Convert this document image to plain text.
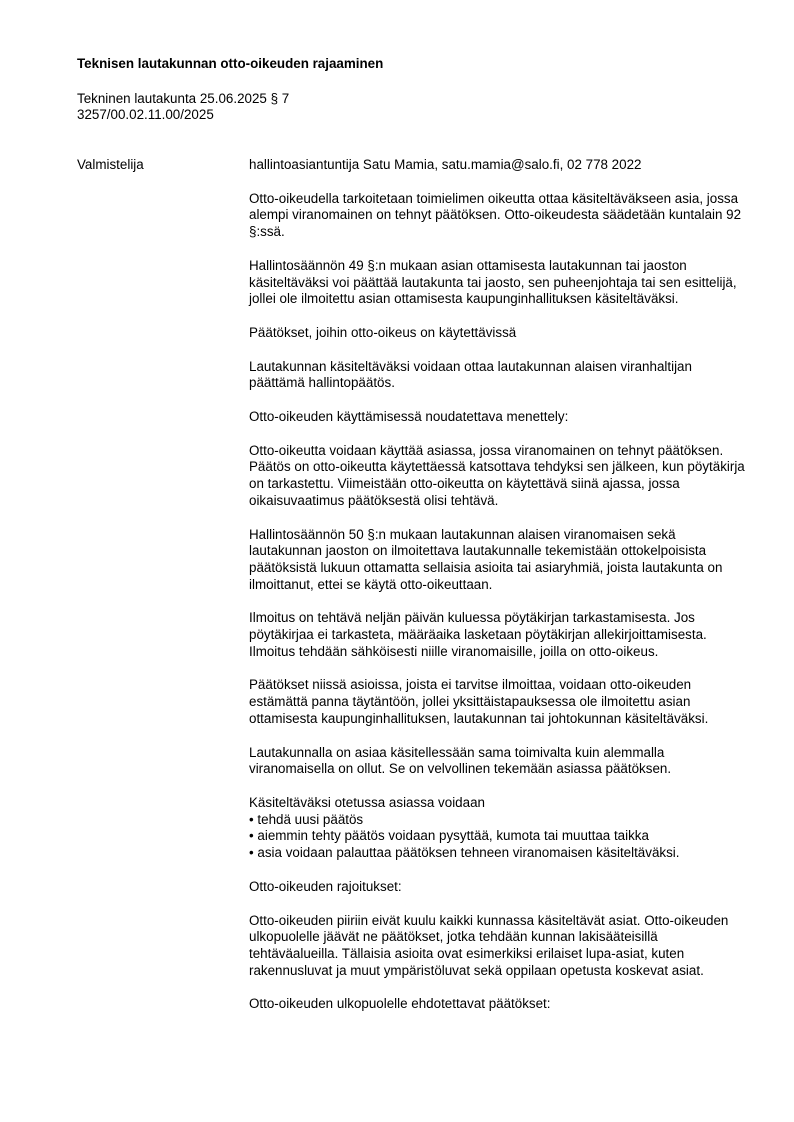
Teknisen lautakunnan otto-oikeuden rajaaminen
Tekninen lautakunta 25.06.2025 § 7
3257/00.02.11.00/2025
Valmistelija	hallintoasiantuntija Satu Mamia, satu.mamia@salo.fi, 02 778 2022

Otto-oikeudella tarkoitetaan toimielimen oikeutta ottaa käsiteltäväkseen asia, jossa alempi viranomainen on tehnyt päätöksen. Otto-oikeudesta säädetään kuntalain 92 §:ssä.

Hallintosäännön 49 §:n mukaan asian ottamisesta lautakunnan tai jaoston käsiteltäväksi voi päättää lautakunta tai jaosto, sen puheenjohtaja tai sen esittelijä, jollei ole ilmoitettu asian ottamisesta kaupunginhallituksen käsiteltäväksi.

Päätökset, joihin otto-oikeus on käytettävissä

Lautakunnan käsiteltäväksi voidaan ottaa lautakunnan alaisen viranhaltijan päättämä hallintopäätös.

Otto-oikeuden käyttämisessä noudatettava menettely:

Otto-oikeutta voidaan käyttää asiassa, jossa viranomainen on tehnyt päätöksen. Päätös on otto-oikeutta käytettäessä katsottava tehdyksi sen jälkeen, kun pöytäkirja on tarkastettu. Viimeistään otto-oikeutta on käytettävä siinä ajassa, jossa oikaisuvaatimus päätöksestä olisi tehtävä.

Hallintosäännön 50 §:n mukaan lautakunnan alaisen viranomaisen sekä lautakunnan jaoston on ilmoitettava lautakunnalle tekemistään ottokelpoisista päätöksistä lukuun ottamatta sellaisia asioita tai asiaryhmiä, joista lautakunta on ilmoittanut, ettei se käytä otto-oikeuttaan.

Ilmoitus on tehtävä neljän päivän kuluessa pöytäkirjan tarkastamisesta. Jos pöytäkirjaa ei tarkasteta, määräaika lasketaan pöytäkirjan allekirjoittamisesta. Ilmoitus tehdään sähköisesti niille viranomaisille, joilla on otto-oikeus.

Päätökset niissä asioissa, joista ei tarvitse ilmoittaa, voidaan otto-oikeuden estämättä panna täytäntöön, jollei yksittäistapauksessa ole ilmoitettu asian ottamisesta kaupunginhallituksen, lautakunnan tai johtokunnan käsiteltäväksi.

Lautakunnalla on asiaa käsitellessään sama toimivalta kuin alemmalla viranomaisella on ollut. Se on velvollinen tekemään asiassa päätöksen.

Käsiteltäväksi otetussa asiassa voidaan
• tehdä uusi päätös
• aiemmin tehty päätös voidaan pysyttää, kumota tai muuttaa taikka
• asia voidaan palauttaa päätöksen tehneen viranomaisen käsiteltäväksi.

Otto-oikeuden rajoitukset:

Otto-oikeuden piiriin eivät kuulu kaikki kunnassa käsiteltävät asiat. Otto-oikeuden ulkopuolelle jäävät ne päätökset, jotka tehdään kunnan lakisääteisillä tehtäväalueilla. Tällaisia asioita ovat esimerkiksi erilaiset lupa-asiat, kuten rakennusluvat ja muut ympäristöluvat sekä oppilaan opetusta koskevat asiat.

Otto-oikeuden ulkopuolelle ehdotettavat päätökset:
